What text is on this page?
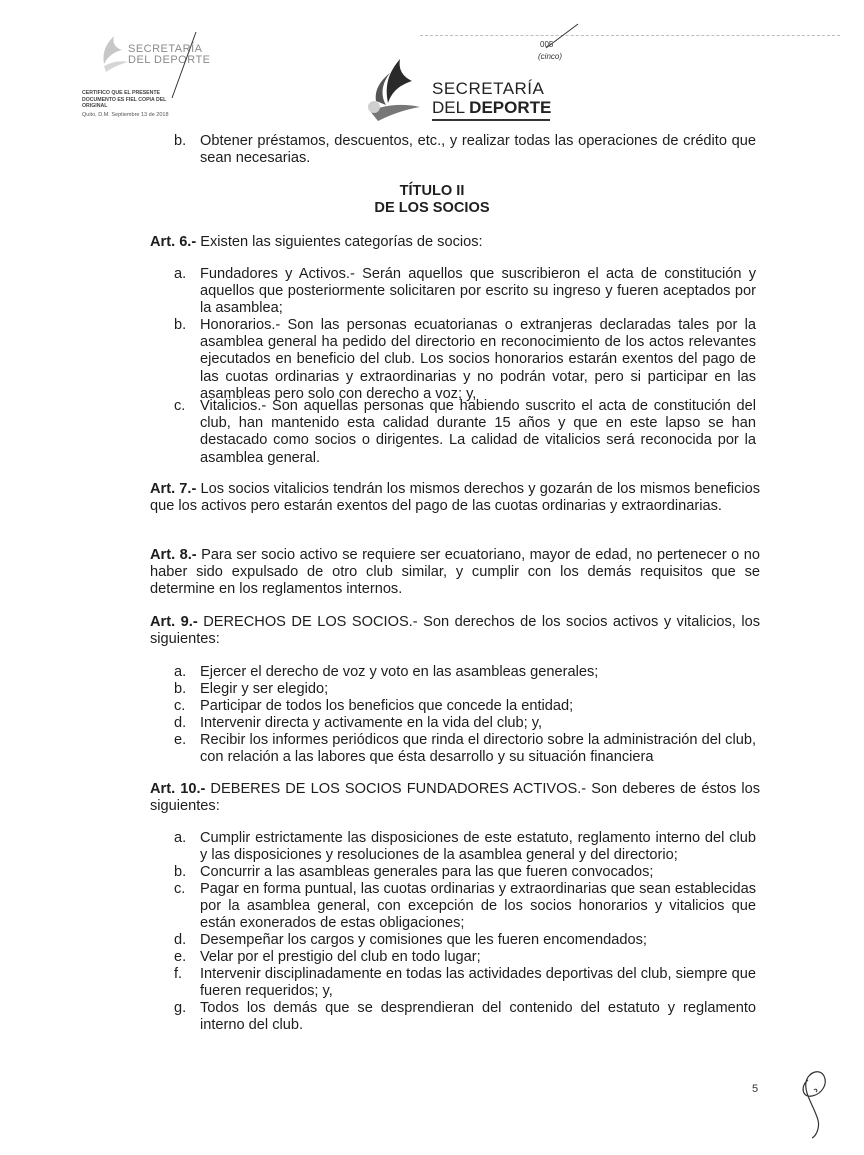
SECRETARÍA
DEL DEPORTE
CERTIFICO QUE EL PRESENTE DOCUMENTO ES FIEL COPIA DEL ORIGINAL
Quito, D.M. Septiembre 13 de 2018
005
(cinco)
SECRETARÍA
DEL DEPORTE
b. Obtener préstamos, descuentos, etc., y realizar todas las operaciones de crédito que sean necesarias.
TÍTULO II
DE LOS SOCIOS
Art. 6.- Existen las siguientes categorías de socios:
a. Fundadores y Activos.- Serán aquellos que suscribieron el acta de constitución y aquellos que posteriormente solicitaren por escrito su ingreso y fueren aceptados por la asamblea;
b. Honorarios.- Son las personas ecuatorianas o extranjeras declaradas tales por la asamblea general ha pedido del directorio en reconocimiento de los actos relevantes ejecutados en beneficio del club. Los socios honorarios estarán exentos del pago de las cuotas ordinarias y extraordinarias y no podrán votar, pero si participar en las asambleas pero solo con derecho a voz; y,
c.	Vitalicios.- Son aquellas personas que habiendo suscrito el acta de constitución del club, han mantenido esta calidad durante 15 años y que en este lapso se han destacado como socios o dirigentes. La calidad de vitalicios será reconocida por la asamblea general.
Art. 7.- Los socios vitalicios tendrán los mismos derechos y gozarán de los mismos beneficios que los activos pero estarán exentos del pago de las cuotas ordinarias y extraordinarias.
Art. 8.- Para ser socio activo se requiere ser ecuatoriano, mayor de edad, no pertenecer o no haber sido expulsado de otro club similar, y cumplir con los demás requisitos que se determine en los reglamentos internos.
Art. 9.- DERECHOS DE LOS SOCIOS.- Son derechos de los socios activos y vitalicios, los siguientes:
a. Ejercer el derecho de voz y voto en las asambleas generales;
b. Elegir y ser elegido;
c.	Participar de todos los beneficios que concede la entidad;
d. Intervenir directa y activamente en la vida del club; y,
e. Recibir los informes periódicos que rinda el directorio sobre la administración del club, con relación a las labores que ésta desarrollo y su situación financiera
Art. 10.- DEBERES DE LOS SOCIOS FUNDADORES ACTIVOS.- Son deberes de éstos los siguientes:
a. Cumplir estrictamente las disposiciones de este estatuto, reglamento interno del club y las disposiciones y resoluciones de la asamblea general y del directorio;
b. Concurrir a las asambleas generales para las que fueren convocados;
c.	Pagar en forma puntual, las cuotas ordinarias y extraordinarias que sean establecidas por la asamblea general, con excepción de los socios honorarios y vitalicios que están exonerados de estas obligaciones;
d. Desempeñar los cargos y comisiones que les fueren encomendados;
e. Velar por el prestigio del club en todo lugar;
f.	Intervenir disciplinadamente en todas las actividades deportivas del club, siempre que fueren requeridos; y,
g. Todos los demás que se desprendieran del contenido del estatuto y reglamento interno del club.
5
